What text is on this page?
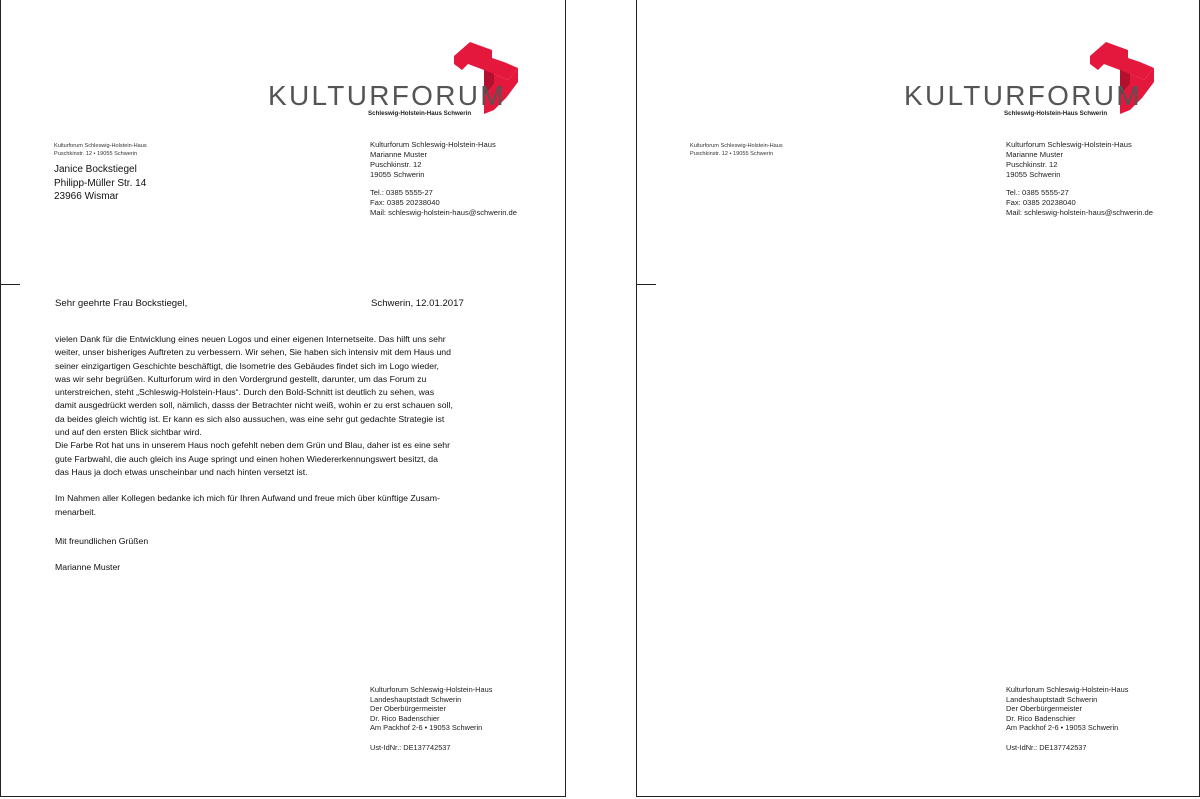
KULTURFORUM
Schleswig-Holstein-Haus Schwerin
Kulturforum Schleswig-Holstein-Haus
Puschkinstr. 12 • 19055 Schwerin
Janice Bockstiegel
Philipp-Müller Str. 14
23966 Wismar
Kulturforum Schleswig-Holstein-Haus
Marianne Muster
Puschkinstr. 12
19055 Schwerin
Tel.: 0385 5555-27
Fax: 0385 20238040
Mail: schleswig-holstein-haus@schwerin.de
Sehr geehrte Frau Bockstiegel,	Schwerin, 12.01.2017
vielen Dank für die Entwicklung eines neuen Logos und einer eigenen Internetseite. Das hilft uns sehr
weiter, unser bisheriges Auftreten zu verbessern. Wir sehen, Sie haben sich intensiv mit dem Haus und
seiner einzigartigen Geschichte beschäftigt, die Isometrie des Gebäudes findet sich im Logo wieder,
was wir sehr begrüßen. Kulturforum wird in den Vordergrund gestellt, darunter, um das Forum zu
unterstreichen, steht „Schleswig-Holstein-Haus“. Durch den Bold-Schnitt ist deutlich zu sehen, was
damit ausgedrückt werden soll, nämlich, dasss der Betrachter nicht weiß, wohin er zu erst schauen soll,
da beides gleich wichtig ist. Er kann es sich also aussuchen, was eine sehr gut gedachte Strategie ist
und auf den ersten Blick sichtbar wird.
Die Farbe Rot hat uns in unserem Haus noch gefehlt neben dem Grün und Blau, daher ist es eine sehr
gute Farbwahl, die auch gleich ins Auge springt und einen hohen Wiedererkennungswert besitzt, da
das Haus ja doch etwas unscheinbar und nach hinten versetzt ist.
Im Nahmen aller Kollegen bedanke ich mich für Ihren Aufwand und freue mich über künftige Zusam-
menarbeit.
Mit freundlichen Grüßen
Marianne Muster
Kulturforum Schleswig-Holstein-Haus
Landeshauptstadt Schwerin
Der Oberbürgermeister
Dr. Rico Badenschier
Am Packhof 2-6 • 19053 Schwerin
Ust-IdNr.: DE137742537
KULTURFORUM
Schleswig-Holstein-Haus Schwerin
Kulturforum Schleswig-Holstein-Haus
Puschkinstr. 12 • 19055 Schwerin
Kulturforum Schleswig-Holstein-Haus
Marianne Muster
Puschkinstr. 12
19055 Schwerin
Tel.: 0385 5555-27
Fax: 0385 20238040
Mail: schleswig-holstein-haus@schwerin.de
Kulturforum Schleswig-Holstein-Haus
Landeshauptstadt Schwerin
Der Oberbürgermeister
Dr. Rico Badenschier
Am Packhof 2-6 • 19053 Schwerin
Ust-IdNr.: DE137742537
